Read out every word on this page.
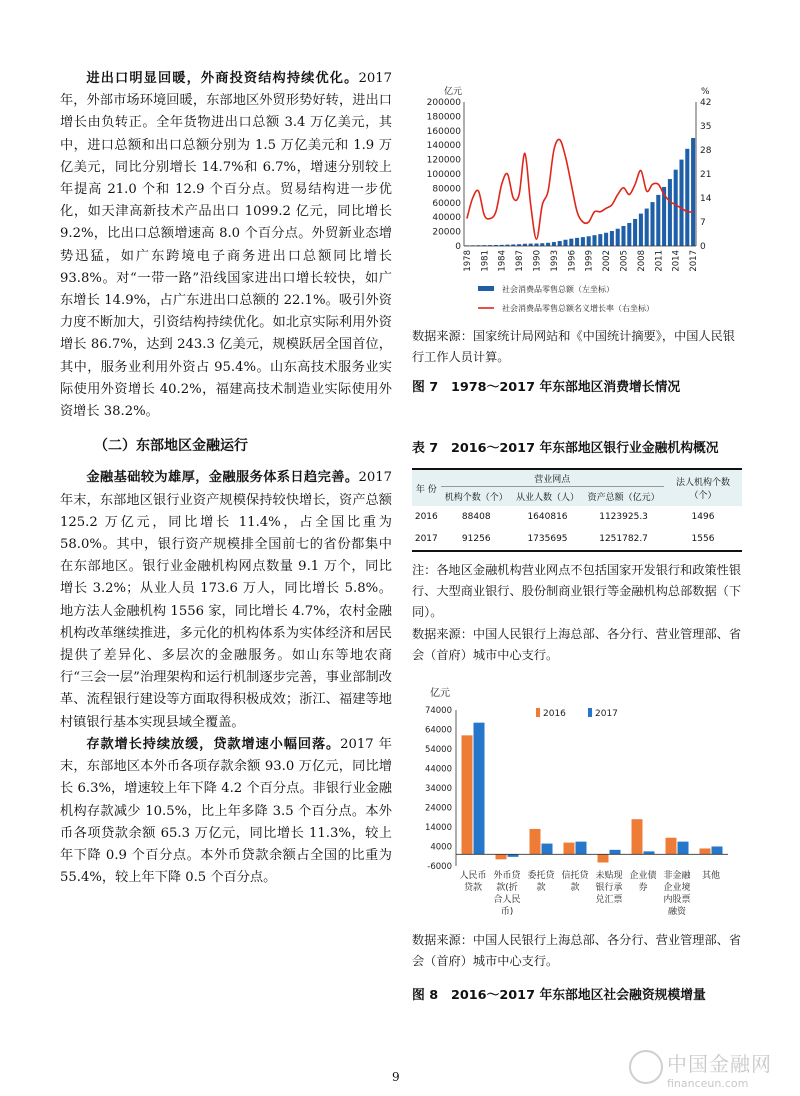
进出口明显回暖，外商投资结构持续优化。2017 年，外部市场环境回暖，东部地区外贸形势好转，进出口增长由负转正。全年货物进出口总额 3.4 万亿美元，其中，进口总额和出口总额分别为 1.5 万亿美元和 1.9 万亿美元，同比分别增长 14.7%和 6.7%，增速分别较上年提高 21.0 个和 12.9 个百分点。贸易结构进一步优化，如天津高新技术产品出口 1099.2 亿元，同比增长 9.2%，比出口总额增速高 8.0 个百分点。外贸新业态增势迅猛，如广东跨境电子商务进出口总额同比增长 93.8%。对“一带一路”沿线国家进出口增长较快，如广东增长 14.9%，占广东进出口总额的 22.1%。吸引外资力度不断加大，引资结构持续优化。如北京实际利用外资增长 86.7%，达到 243.3 亿美元，规模跃居全国首位，其中，服务业利用外资占 95.4%。山东高技术服务业实际使用外资增长 40.2%，福建高技术制造业实际使用外资增长 38.2%。

（二）东部地区金融运行

金融基础较为雄厚，金融服务体系日趋完善。2017 年末，东部地区银行业资产规模保持较快增长，资产总额 125.2 万亿元，同比增长 11.4%，占全国比重为 58.0%。其中，银行资产规模排全国前七的省份都集中在东部地区。银行业金融机构网点数量 9.1 万个，同比增长 3.2%；从业人员 173.6 万人，同比增长 5.8%。地方法人金融机构 1556 家，同比增长 4.7%，农村金融机构改革继续推进，多元化的机构体系为实体经济和居民提供了差异化、多层次的金融服务。如山东等地农商行“三会一层”治理架构和运行机制逐步完善，事业部制改革、流程银行建设等方面取得积极成效；浙江、福建等地村镇银行基本实现县域全覆盖。

存款增长持续放缓，贷款增速小幅回落。2017 年末，东部地区本外币各项存款余额 93.0 万亿元，同比增长 6.3%，增速较上年下降 4.2 个百分点。非银行业金融机构存款减少 10.5%，比上年多降 3.5 个百分点。本外币各项贷款余额 65.3 万亿元，同比增长 11.3%，较上年下降 0.9 个百分点。本外币贷款余额占全国的比重为 55.4%，较上年下降 0.5 个百分点。

0
20000
40000
60000
80000
100000
120000
140000
160000
180000
200000
0
7
14
21
28
35
42
亿元	%
1978 1981 1984 1987 1990 1993 1996 1999 2002 2005 2008 2011 2014 2017
社会消费品零售总额（左坐标）
社会消费品零售总额名义增长率（右坐标）

数据来源：国家统计局网站和《中国统计摘要》，中国人民银行工作人员计算。

图 7　1978～2017 年东部地区消费增长情况

表 7　2016～2017 年东部地区银行业金融机构概况

年 份	营业网点			法人机构个数（个）
	机构个数（个）	从业人数（人）	资产总额（亿元）	
2016	88408	1640816	1123925.3	1496
2017	91256	1735695	1251782.7	1556

注：各地区金融机构营业网点不包括国家开发银行和政策性银行、大型商业银行、股份制商业银行等金融机构总部数据（下同）。

数据来源：中国人民银行上海总部、各分行、营业管理部、省会（首府）城市中心支行。

亿元
-6000
4000
14000
24000
34000
44000
54000
64000
74000
人民币贷款
外币贷款(折合人民币)
委托贷款
信托贷款
未贴现银行承兑汇票
企业债券
非金融企业境内股票融资
其他
2016	2017

数据来源：中国人民银行上海总部、各分行、营业管理部、省会（首府）城市中心支行。

图 8　2016～2017 年东部地区社会融资规模增量

9
中国金融网
financeun.com
